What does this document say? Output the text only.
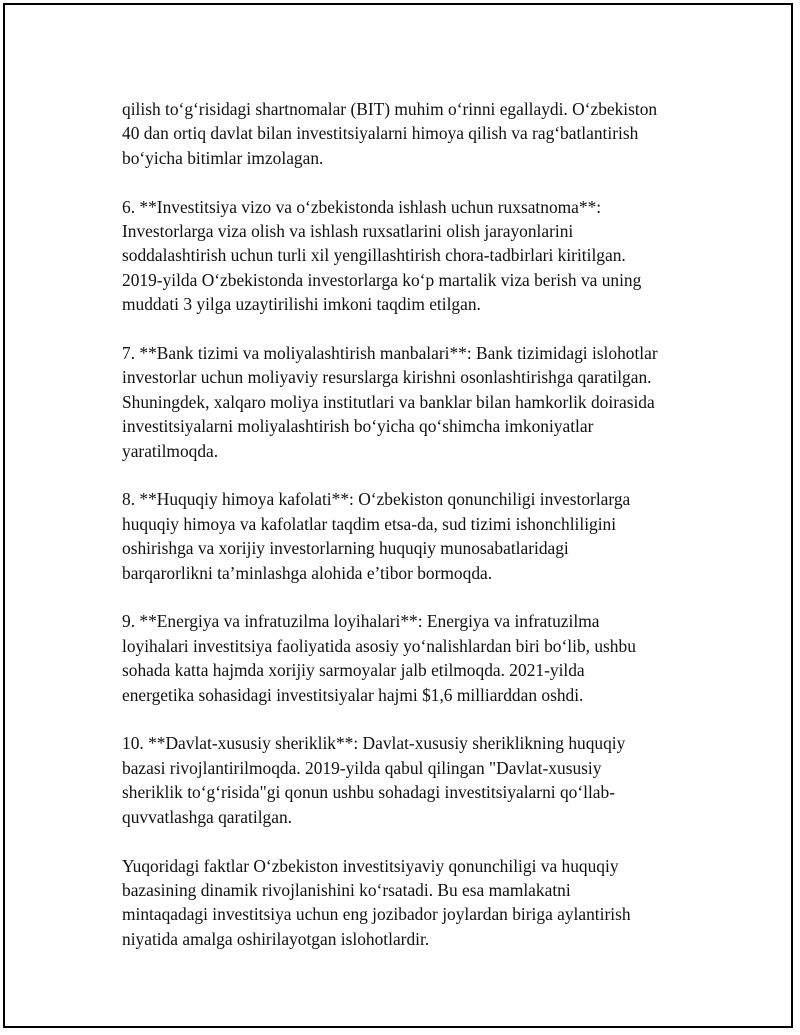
qilish to‘g‘risidagi shartnomalar (BIT) muhim o‘rinni egallaydi. O‘zbekiston
40 dan ortiq davlat bilan investitsiyalarni himoya qilish va rag‘batlantirish
bo‘yicha bitimlar imzolagan.

6. **Investitsiya vizo va o‘zbekistonda ishlash uchun ruxsatnoma**:
Investorlarga viza olish va ishlash ruxsatlarini olish jarayonlarini
soddalashtirish uchun turli xil yengillashtirish chora-tadbirlari kiritilgan.
2019-yilda O‘zbekistonda investorlarga ko‘p martalik viza berish va uning
muddati 3 yilga uzaytirilishi imkoni taqdim etilgan.

7. **Bank tizimi va moliyalashtirish manbalari**: Bank tizimidagi islohotlar
investorlar uchun moliyaviy resurslarga kirishni osonlashtirishga qaratilgan.
Shuningdek, xalqaro moliya institutlari va banklar bilan hamkorlik doirasida
investitsiyalarni moliyalashtirish bo‘yicha qo‘shimcha imkoniyatlar
yaratilmoqda.

8. **Huquqiy himoya kafolati**: O‘zbekiston qonunchiligi investorlarga
huquqiy himoya va kafolatlar taqdim etsa-da, sud tizimi ishonchliligini
oshirishga va xorijiy investorlarning huquqiy munosabatlaridagi
barqarorlikni ta’minlashga alohida e’tibor bormoqda.

9. **Energiya va infratuzilma loyihalari**: Energiya va infratuzilma
loyihalari investitsiya faoliyatida asosiy yo‘nalishlardan biri bo‘lib, ushbu
sohada katta hajmda xorijiy sarmoyalar jalb etilmoqda. 2021-yilda
energetika sohasidagi investitsiyalar hajmi $1,6 milliarddan oshdi.

10. **Davlat-xususiy sheriklik**: Davlat-xususiy sheriklikning huquqiy
bazasi rivojlantirilmoqda. 2019-yilda qabul qilingan "Davlat-xususiy
sheriklik to‘g‘risida"gi qonun ushbu sohadagi investitsiyalarni qo‘llab-
quvvatlashga qaratilgan.

Yuqoridagi faktlar O‘zbekiston investitsiyaviy qonunchiligi va huquqiy
bazasining dinamik rivojlanishini ko‘rsatadi. Bu esa mamlakatni
mintaqadagi investitsiya uchun eng jozibador joylardan biriga aylantirish
niyatida amalga oshirilayotgan islohotlardir.
